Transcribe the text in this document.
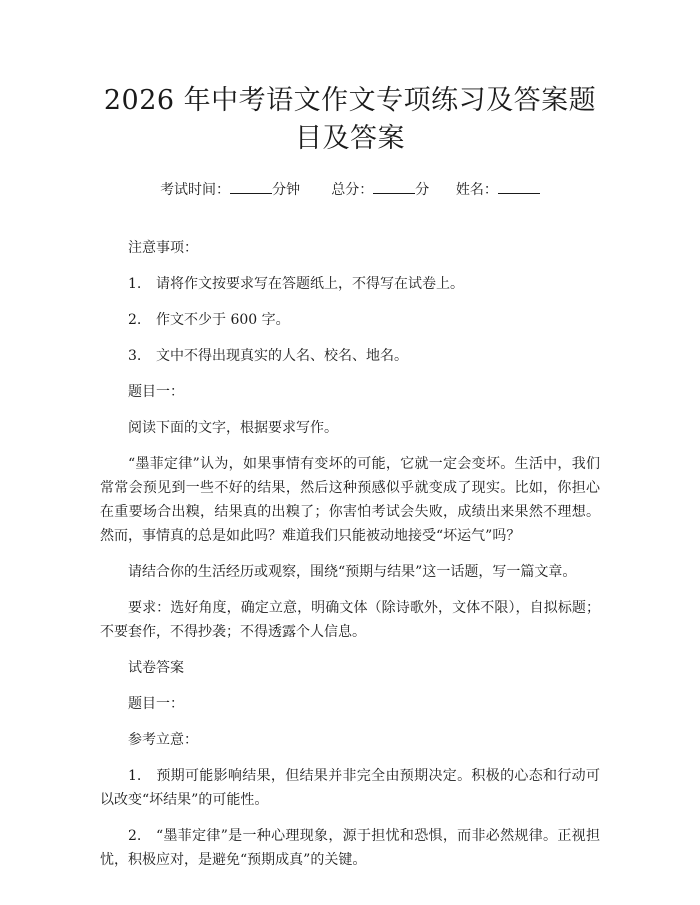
2026 年中考语文作文专项练习及答案题目及答案
考试时间：	分钟 总分：	分 姓名：

注意事项：

1. 请将作文按要求写在答题纸上，不得写在试卷上。

2. 作文不少于 600 字。

3. 文中不得出现真实的人名、校名、地名。

题目一：

阅读下面的文字，根据要求写作。

“墨菲定律”认为，如果事情有变坏的可能，它就一定会变坏。生活中，我们常常会预见到一些不好的结果，然后这种预感似乎就变成了现实。比如，你担心在重要场合出糗，结果真的出糗了；你害怕考试会失败，成绩出来果然不理想。然而，事情真的总是如此吗？难道我们只能被动地接受“坏运气”吗？

请结合你的生活经历或观察，围绕“预期与结果”这一话题，写一篇文章。

要求：选好角度，确定立意，明确文体（除诗歌外，文体不限），自拟标题；不要套作，不得抄袭；不得透露个人信息。

试卷答案

题目一：

参考立意：

1. 预期可能影响结果，但结果并非完全由预期决定。积极的心态和行动可以改变“坏结果”的可能性。

2. “墨菲定律”是一种心理现象，源于担忧和恐惧，而非必然规律。正视担忧，积极应对，是避免“预期成真”的关键。
